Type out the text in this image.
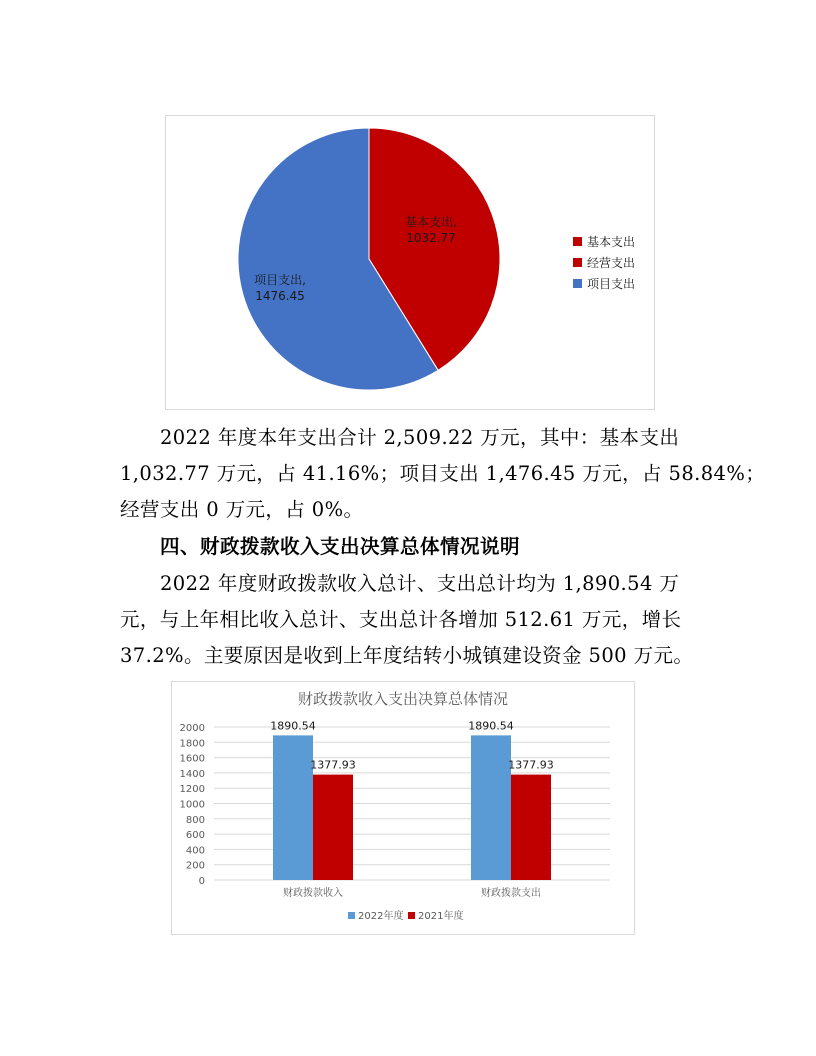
基本支出,
1032.77
项目支出,
1476.45
基本支出
经营支出
项目支出
2022 年度本年支出合计 2,509.22 万元，其中：基本支出
1,032.77 万元，占 41.16%；项目支出 1,476.45 万元，占 58.84%；
经营支出 0 万元，占 0%。
四、财政拨款收入支出决算总体情况说明
2022 年度财政拨款收入总计、支出总计均为 1,890.54 万
元，与上年相比收入总计、支出总计各增加 512.61 万元，增长
37.2%。主要原因是收到上年度结转小城镇建设资金 500 万元。
财政拨款收入支出决算总体情况
0
200
400
600
800
1000
1200
1400
1600
1800
2000	1890.54
1377.93
财政拨款收入
1890.54
1377.93
财政拨款支出
2022年度 2021年度
